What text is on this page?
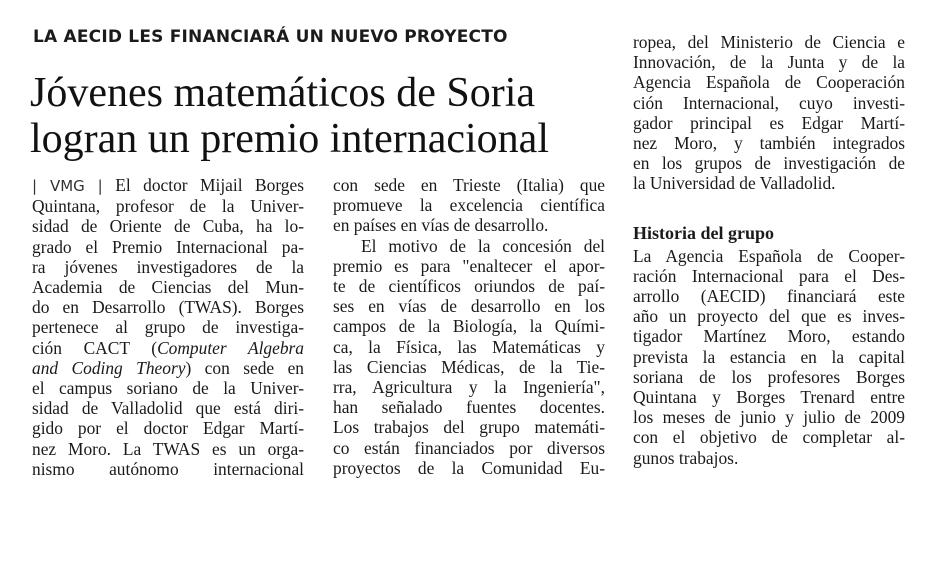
LA AECID LES FINANCIARÁ UN NUEVO PROYECTO
Jóvenes matemáticos de Soria
logran un premio internacional
| VMG | El doctor Mijail Borges
Quintana, profesor de la Univer-
sidad de Oriente de Cuba, ha lo-
grado el Premio Internacional pa-
ra jóvenes investigadores de la
Academia de Ciencias del Mun-
do en Desarrollo (TWAS). Borges
pertenece al grupo de investiga-
ción CACT (Computer Algebra
and Coding Theory) con sede en
el campus soriano de la Univer-
sidad de Valladolid que está diri-
gido por el doctor Edgar Martí-
nez Moro. La TWAS es un orga-
nismo autónomo internacional
con sede en Trieste (Italia) que
promueve la excelencia científica
en países en vías de desarrollo.
El motivo de la concesión del
premio es para "enaltecer el apor-
te de científicos oriundos de paí-
ses en vías de desarrollo en los
campos de la Biología, la Quími-
ca, la Física, las Matemáticas y
las Ciencias Médicas, de la Tie-
rra, Agricultura y la Ingeniería",
han señalado fuentes docentes.
Los trabajos del grupo matemáti-
co están financiados por diversos
proyectos de la Comunidad Eu-
ropea, del Ministerio de Ciencia e
Innovación, de la Junta y de la
Agencia Española de Cooperación
ción Internacional, cuyo investi-
gador principal es Edgar Martí-
nez Moro, y también integrados
en los grupos de investigación de
la Universidad de Valladolid.
Historia del grupo
La Agencia Española de Cooper-
ración Internacional para el Des-
arrollo (AECID) financiará este
año un proyecto del que es inves-
tigador Martínez Moro, estando
prevista la estancia en la capital
soriana de los profesores Borges
Quintana y Borges Trenard entre
los meses de junio y julio de 2009
con el objetivo de completar al-
gunos trabajos.
